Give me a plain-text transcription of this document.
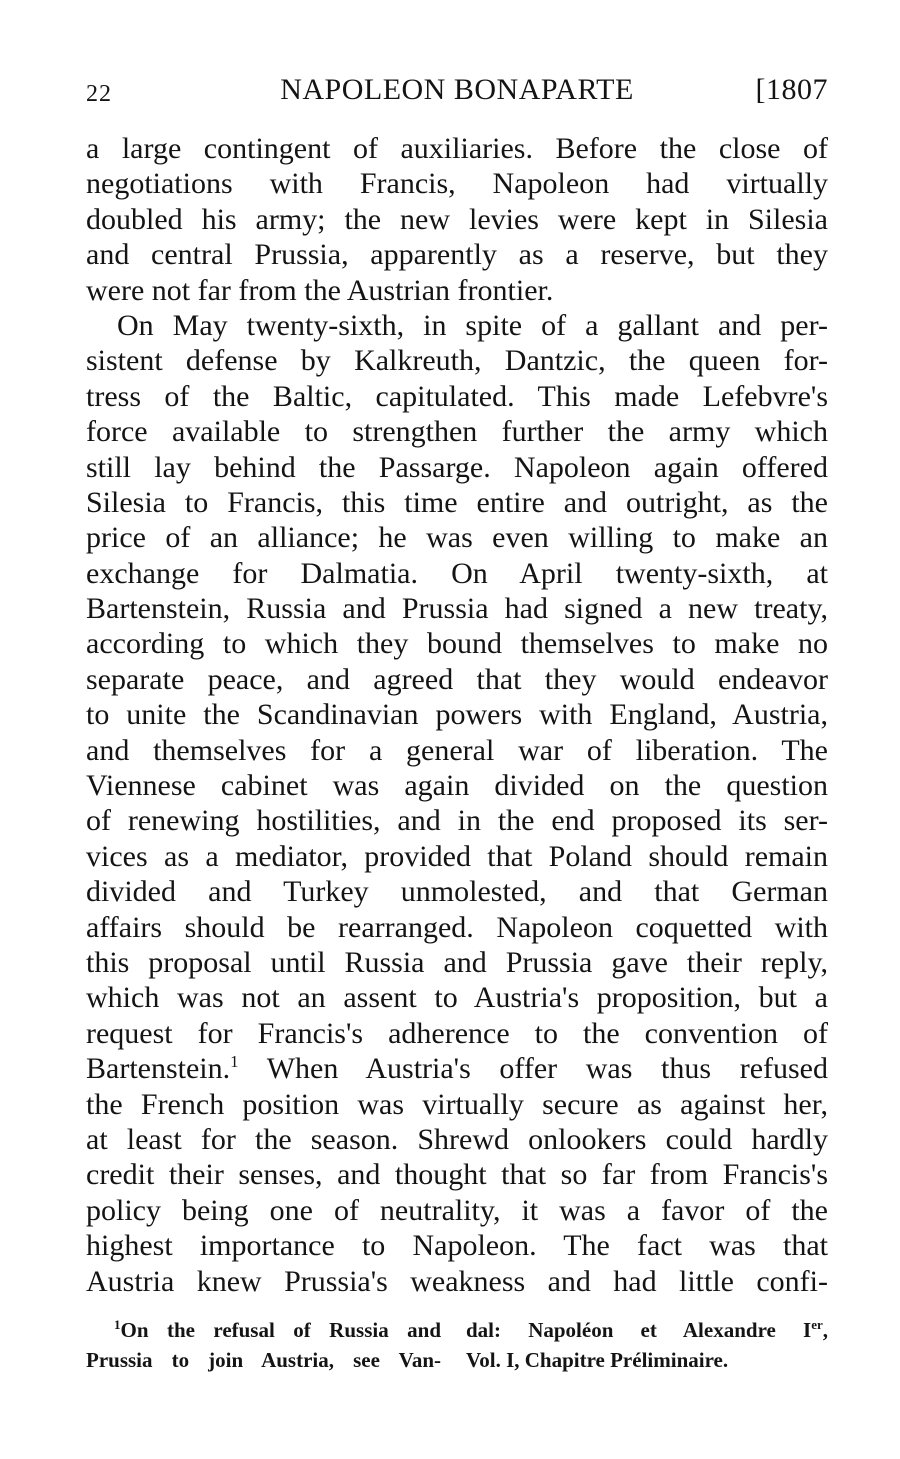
22	NAPOLEON BONAPARTE	[1807
a large contingent of auxiliaries. Before the close of
negotiations with Francis, Napoleon had virtually
doubled his army; the new levies were kept in Silesia
and central Prussia, apparently as a reserve, but they
were not far from the Austrian frontier.
On May twenty-sixth, in spite of a gallant and per-
sistent defense by Kalkreuth, Dantzic, the queen for-
tress of the Baltic, capitulated. This made Lefebvre's
force available to strengthen further the army which
still lay behind the Passarge. Napoleon again offered
Silesia to Francis, this time entire and outright, as the
price of an alliance; he was even willing to make an
exchange for Dalmatia. On April twenty-sixth, at
Bartenstein, Russia and Prussia had signed a new treaty,
according to which they bound themselves to make no
separate peace, and agreed that they would endeavor
to unite the Scandinavian powers with England, Austria,
and themselves for a general war of liberation. The
Viennese cabinet was again divided on the question
of renewing hostilities, and in the end proposed its ser-
vices as a mediator, provided that Poland should remain
divided and Turkey unmolested, and that German
affairs should be rearranged. Napoleon coquetted with
this proposal until Russia and Prussia gave their reply,
which was not an assent to Austria's proposition, but a
request for Francis's adherence to the convention of
Bartenstein.$^1$ When Austria's offer was thus refused
the French position was virtually secure as against her,
at least for the season. Shrewd onlookers could hardly
credit their senses, and thought that so far from Francis's
policy being one of neutrality, it was a favor of the
highest importance to Napoleon. The fact was that
Austria knew Prussia's weakness and had little confi-
$^1$On the refusal of Russia and
Prussia to join Austria, see Van-
dal: Napoléon et Alexandre Ier,
Vol. I, Chapitre Préliminaire.
